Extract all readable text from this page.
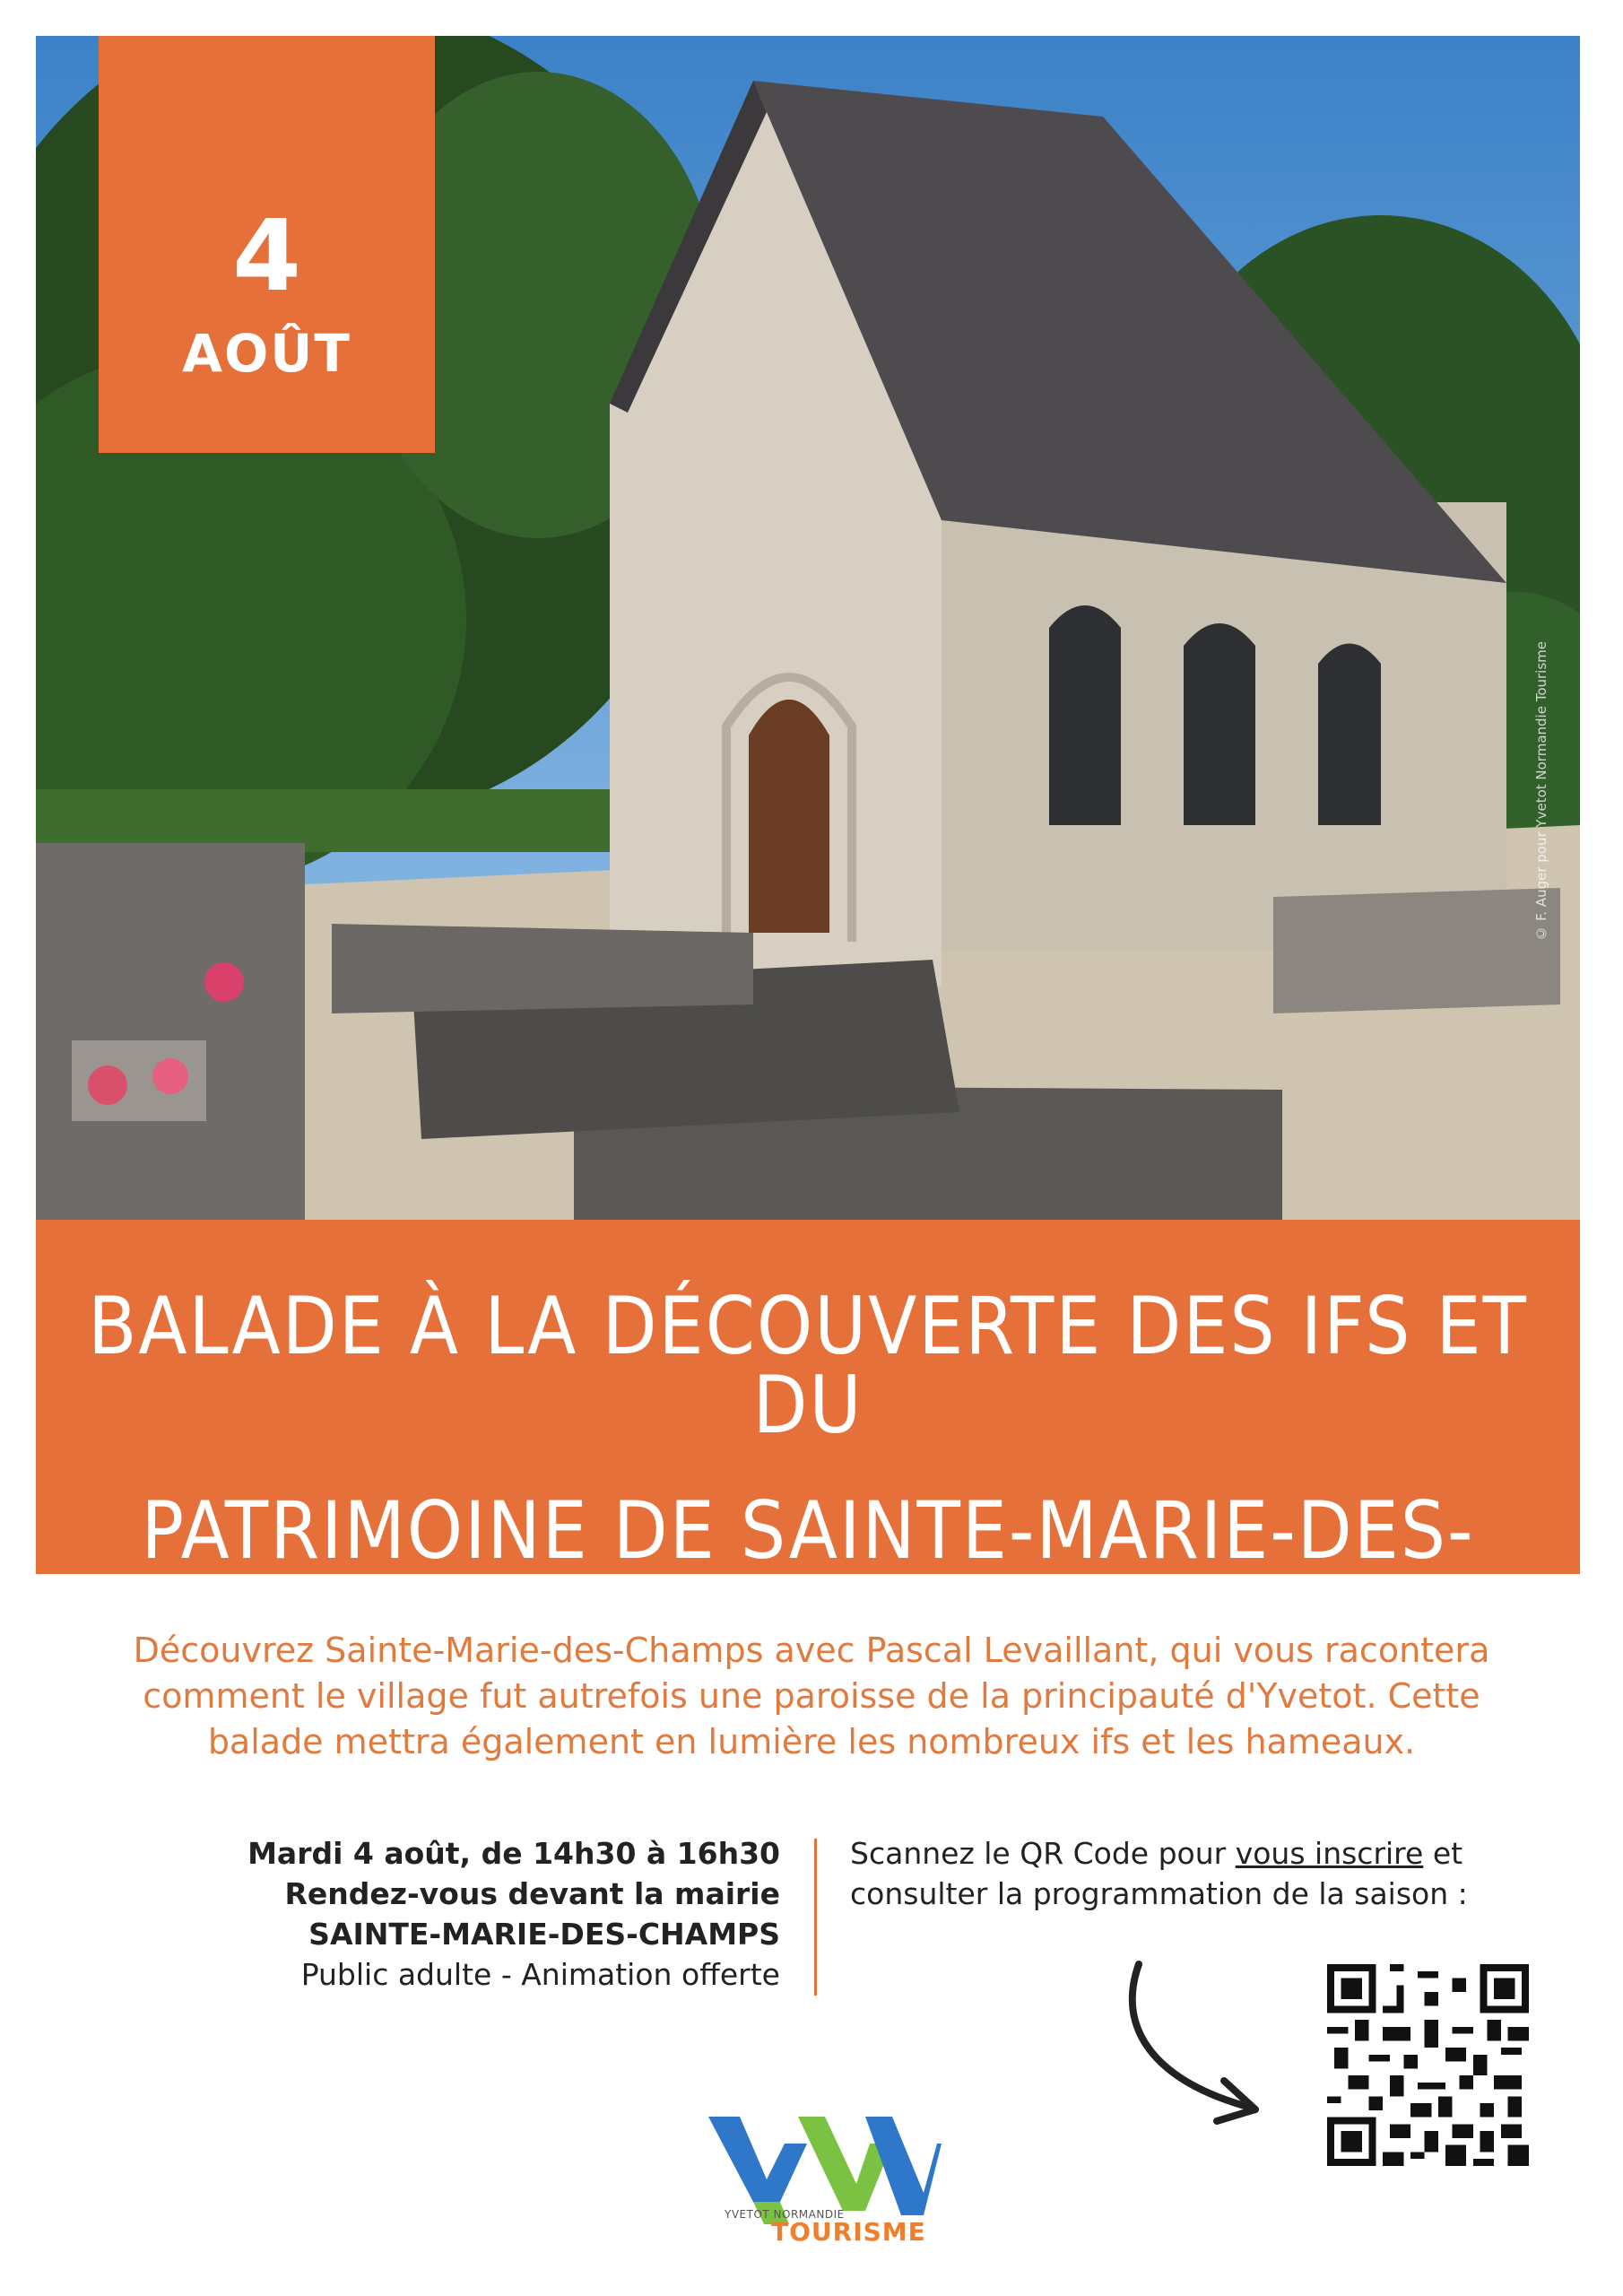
© F. Auger pour Yvetot Normandie Tourisme
4
AOÛT
BALADE À LA DÉCOUVERTE DES IFS ET DU
PATRIMOINE DE SAINTE-MARIE-DES-CHAMPS

Découvrez Sainte-Marie-des-Champs avec Pascal Levaillant, qui vous racontera

comment le village fut autrefois une paroisse de la principauté d'Yvetot. Cette

balade mettra également en lumière les nombreux ifs et les hameaux.

Mardi 4 août, de 14h30 à 16h30
Rendez-vous devant la mairie
SAINTE-MARIE-DES-CHAMPS
Public adulte - Animation offerte
Scannez le QR Code pour vous inscrire et
consulter la programmation de la saison :
YVETOT NORMANDIE
TOURISME
